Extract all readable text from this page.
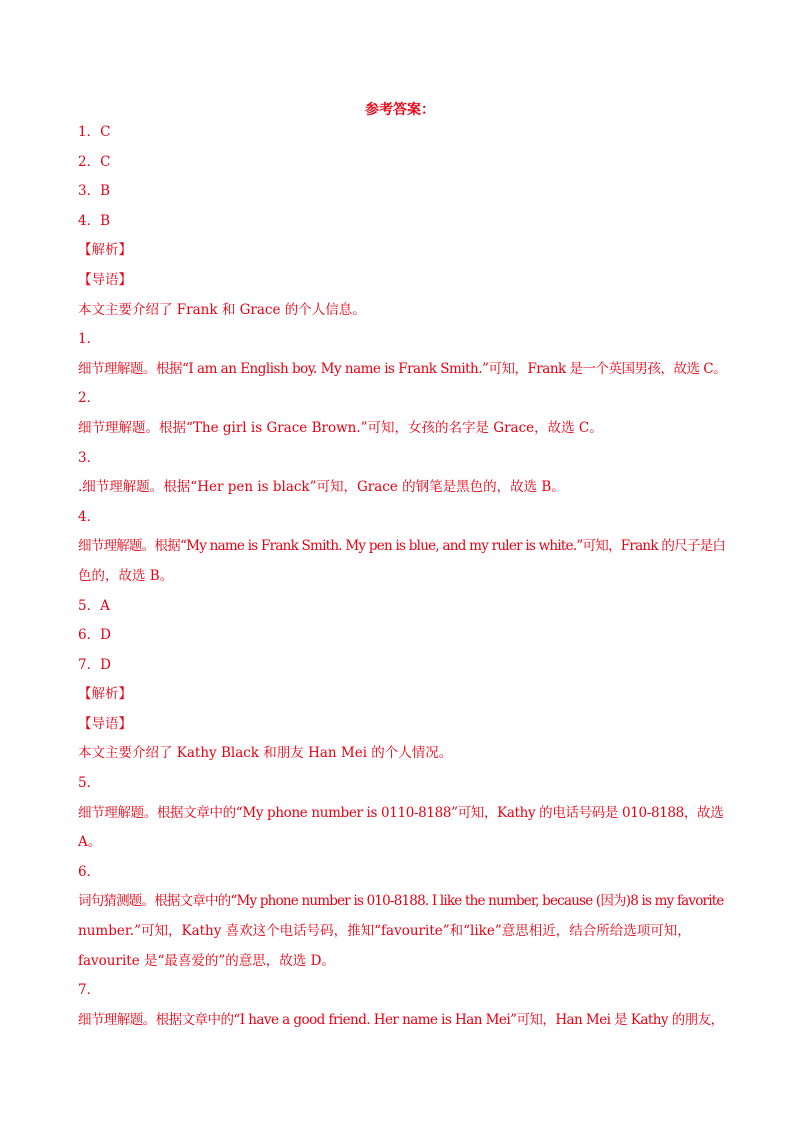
参考答案：
1．C
2．C
3．B
4．B
【解析】
【导语】
本文主要介绍了 Frank 和 Grace 的个人信息。
1．
细节理解题。根据“I am an English boy. My name is Frank Smith.”可知，Frank 是一个英国男孩，故选 C。
2．
细节理解题。根据“The girl is Grace Brown.”可知，女孩的名字是 Grace，故选 C。
3．
.细节理解题。根据“Her pen is black”可知，Grace 的钢笔是黑色的，故选 B。
4．
细节理解题。根据“My name is Frank Smith. My pen is blue, and my ruler is white.”可知，Frank 的尺子是白
色的，故选 B。
5．A
6．D
7．D
【解析】
【导语】
本文主要介绍了 Kathy Black 和朋友 Han Mei 的个人情况。
5．
细节理解题。根据文章中的“My phone number is 0110-8188”可知，Kathy 的电话号码是 010-8188，故选
A。
6．
词句猜测题。根据文章中的“My phone number is 010-8188. I like the number, because (因为)8 is my favorite
number.”可知，Kathy 喜欢这个电话号码，推知“favourite”和“like”意思相近，结合所给选项可知，
favourite 是“最喜爱的”的意思，故选 D。
7．
细节理解题。根据文章中的“I have a good friend. Her name is Han Mei”可知，Han Mei 是 Kathy 的朋友，
